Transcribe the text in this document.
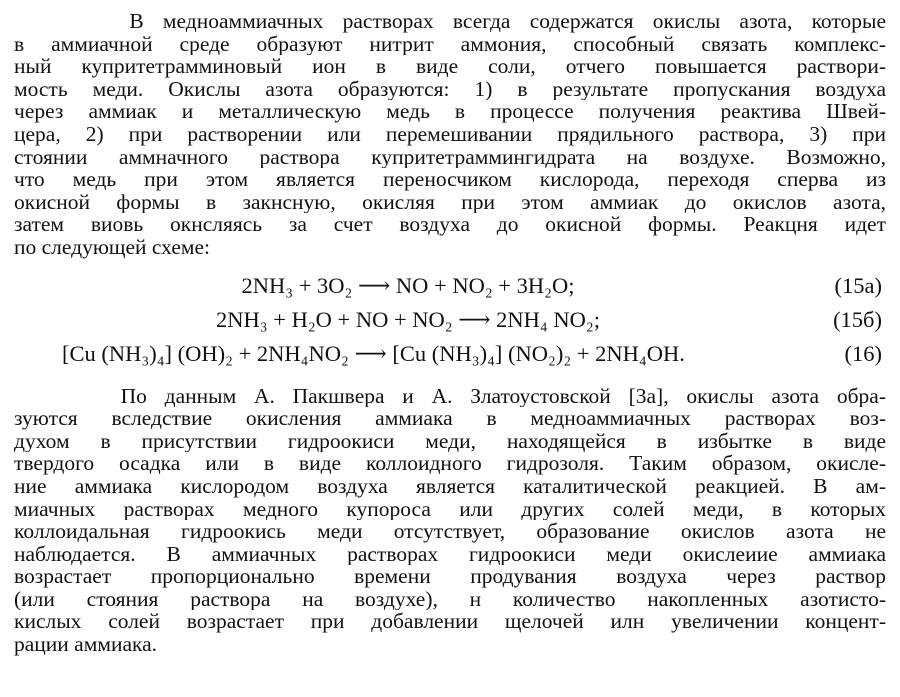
В медноаммиачных растворах всегда содержатся окислы азота, которые
в аммиачной среде образуют нитрит аммония, способный связать комплекс-
ный купритетрамминовый ион в виде соли, отчего повышается раствори-
мость меди. Окислы азота образуются: 1) в результате пропускания воздуха
через аммиак и металлическую медь в процессе получения реактива Швей-
цера, 2) при растворении или перемешивании прядильного раствора, 3) при
стоянии аммначного раствора купритетраммингидрата на воздухе. Возможно,
что медь при этом является переносчиком кислорода, переходя сперва из
окисной формы в закнсную, окисляя при этом аммиак до окислов азота,
затем виовь окнсляясь за счет воздуха до окисной формы. Реакцня идет
по следующей схеме:
2NH₃ + 3O₂ ⟶ NO + NO₂ + 3H₂O;	(15а)
2NH₃ + H₂O + NO + NO₂ ⟶ 2NH₄ NO₂;	(15б)
[Cu (NH₃)₄] (OH)₂ + 2NH₄NO₂ ⟶ [Cu (NH₃)₄] (NO₂)₂ + 2NH₄OH.	(16)
По данным А. Пакшвера и А. Златоустовской [3а], окислы азота обра-
зуются вследствие окисления аммиака в медноаммиачных растворах воз-
духом в присутствии гидроокиси меди, находящейся в избытке в виде
твердого осадка или в виде коллоидного гидрозоля. Таким образом, окисле-
ние аммиака кислородом воздуха является каталитической реакцией. В ам-
миачных растворах медного купороса или других солей меди, в которых
коллоидальная гидроокись меди отсутствует, образование окислов азота не
наблюдается. В аммиачных растворах гидроокиси меди окислеиие аммиака
возрастает пропорционально времени продувания воздуха через раствор
(или стояния раствора на воздухе), н количество накопленных азотисто-
кислых солей возрастает при добавлении щелочей илн увеличении концент-
рации аммиака.
